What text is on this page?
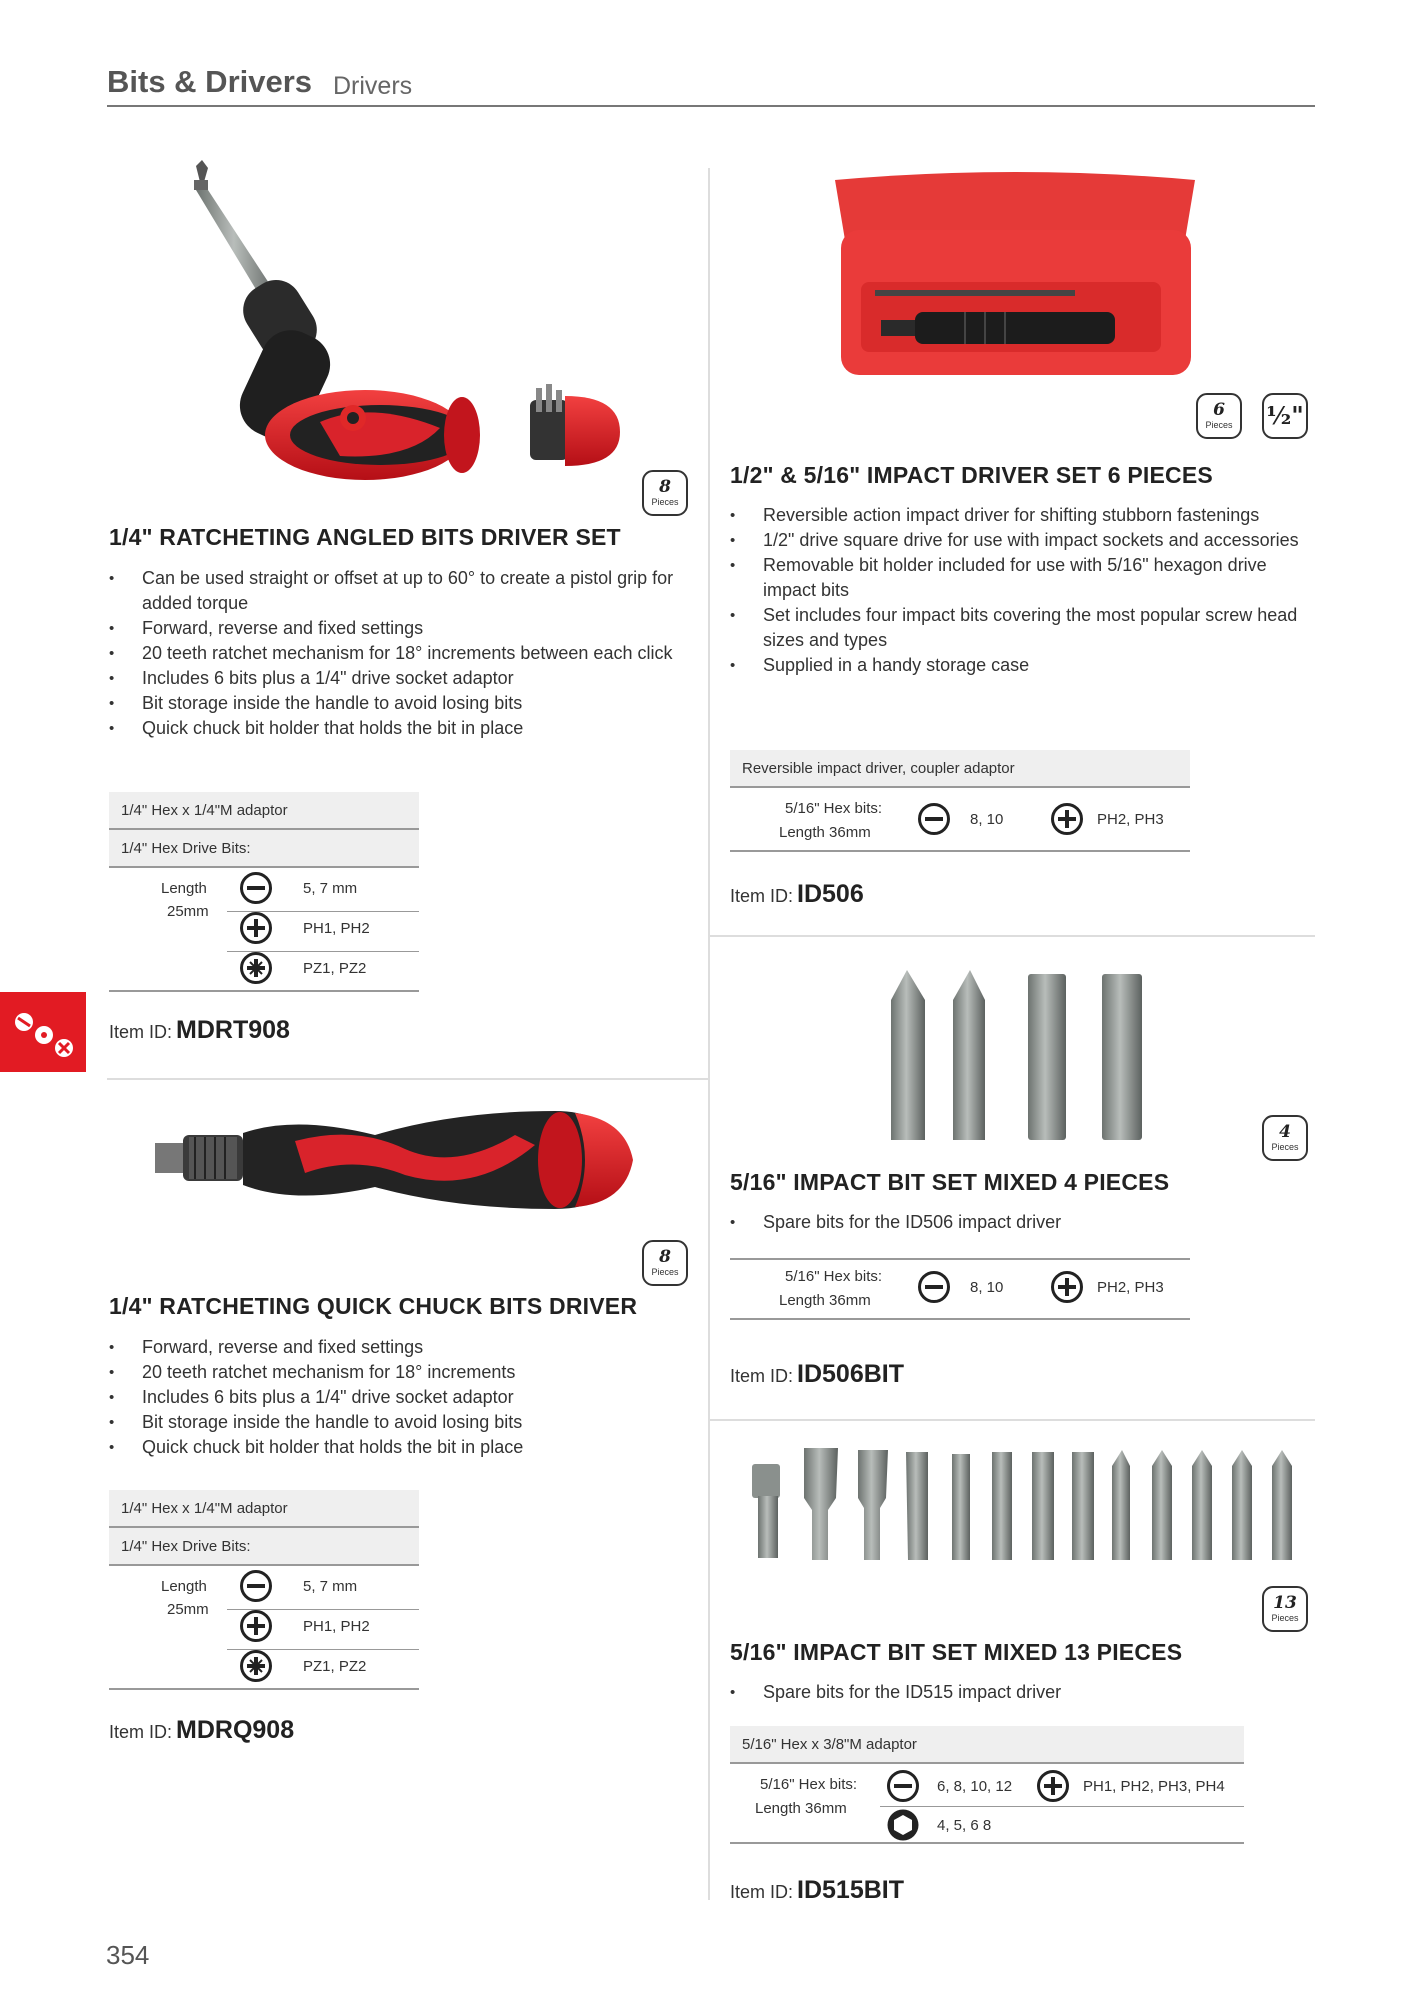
Bits & Drivers Drivers
8
Pieces
1/4" RATCHETING ANGLED BITS DRIVER SET
• Can be used straight or offset at up to 60° to create a pistol grip for added torque
• Forward, reverse and fixed settings
• 20 teeth ratchet mechanism for 18° increments between each click
• Includes 6 bits plus a 1/4" drive socket adaptor
• Bit storage inside the handle to avoid losing bits
• Quick chuck bit holder that holds the bit in place
1/4" Hex x 1/4"M adaptor
1/4" Hex Drive Bits:
Length
25mm
5, 7 mm
PH1, PH2
PZ1, PZ2
Item ID: MDRT908
8
Pieces
1/4" RATCHETING QUICK CHUCK BITS DRIVER
• Forward, reverse and fixed settings
• 20 teeth ratchet mechanism for 18° increments
• Includes 6 bits plus a 1/4" drive socket adaptor
• Bit storage inside the handle to avoid losing bits
• Quick chuck bit holder that holds the bit in place
1/4" Hex x 1/4"M adaptor
1/4" Hex Drive Bits:
Length
25mm
5, 7 mm
PH1, PH2
PZ1, PZ2
Item ID: MDRQ908
6
Pieces	½"
1/2" & 5/16" IMPACT DRIVER SET 6 PIECES
• Reversible action impact driver for shifting stubborn fastenings
• 1/2" drive square drive for use with impact sockets and accessories
• Removable bit holder included for use with 5/16" hexagon drive impact bits
• Set includes four impact bits covering the most popular screw head sizes and types
• Supplied in a handy storage case
Reversible impact driver, coupler adaptor
5/16" Hex bits:
Length 36mm
8, 10	PH2, PH3
Item ID: ID506
4
Pieces
5/16" IMPACT BIT SET MIXED 4 PIECES
• Spare bits for the ID506 impact driver
5/16" Hex bits:
Length 36mm
8, 10	PH2, PH3
Item ID: ID506BIT
13
Pieces
5/16" IMPACT BIT SET MIXED 13 PIECES
• Spare bits for the ID515 impact driver
5/16" Hex x 3/8"M adaptor
5/16" Hex bits:
Length 36mm
6, 8, 10, 12	PH1, PH2, PH3, PH4
4, 5, 6 8
Item ID: ID515BIT
354
